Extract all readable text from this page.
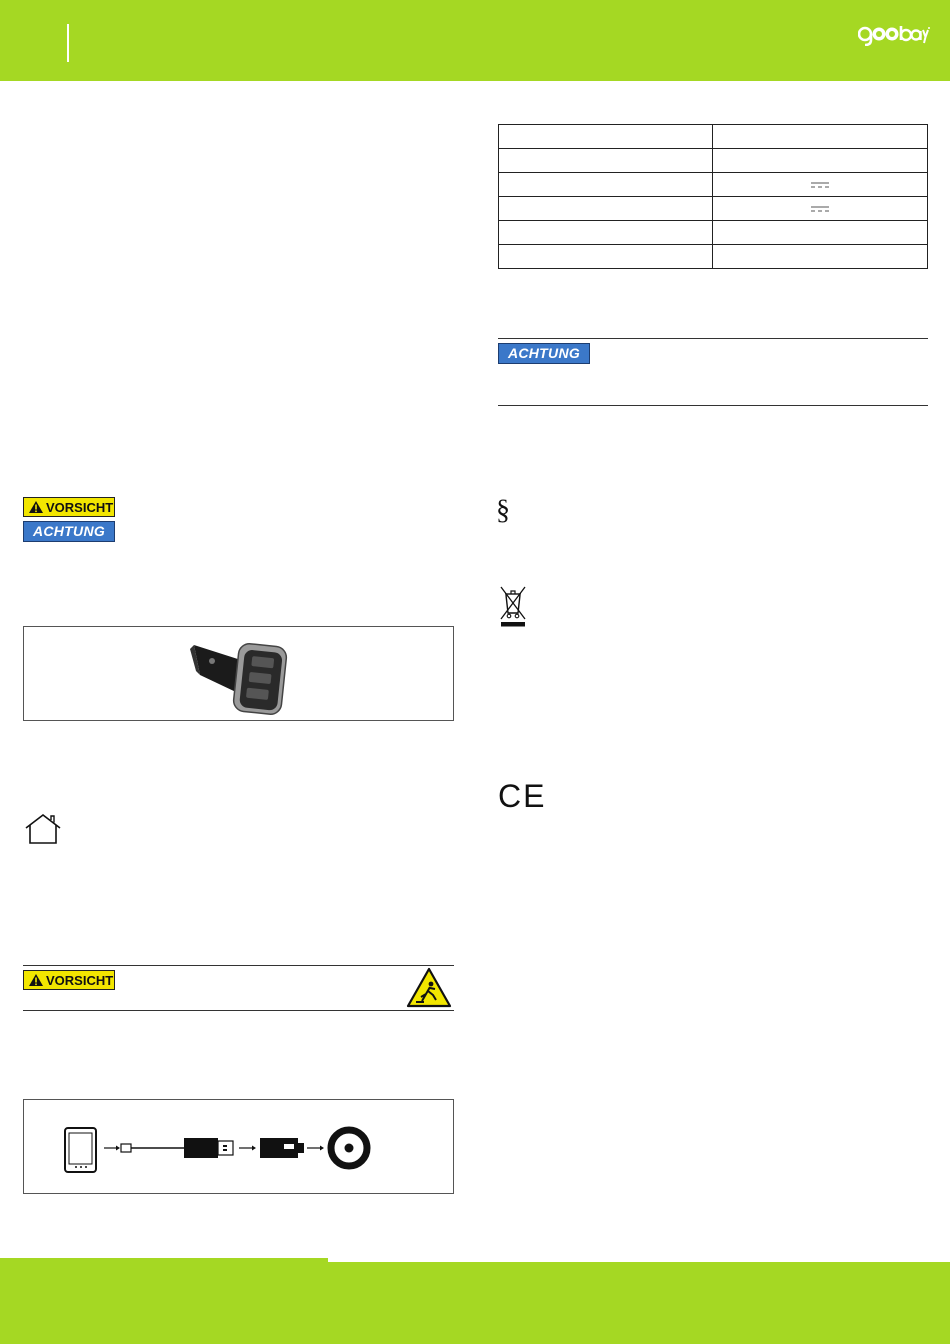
VORSICHT
ACHTUNG
VORSICHT

ACHTUNG
§
CE
